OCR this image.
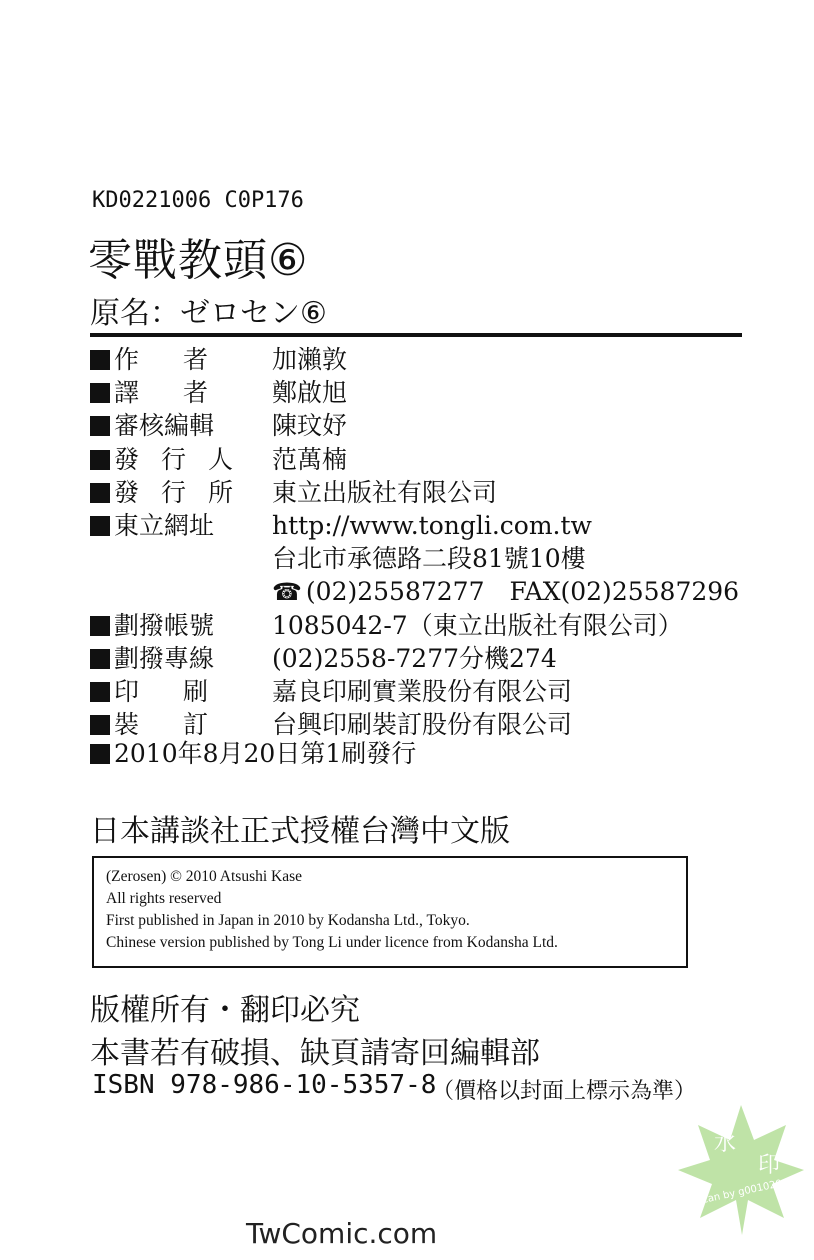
KD0221006 C0P176
零戰教頭⑥
原名：ゼロセン⑥
作者 加瀨敦
譯者 鄭啟旭
審核編輯 陳玟妤
發行人 范萬楠
發行所 東立出版社有限公司
東立網址 http://www.tongli.com.tw
台北市承德路二段81號10樓
☎ (02)25587277　FAX(02)25587296
劃撥帳號 1085042-7（東立出版社有限公司）
劃撥專線 (02)2558-7277分機274
印刷 嘉良印刷實業股份有限公司
裝訂 台興印刷裝訂股份有限公司
2010年8月20日第1刷發行
日本講談社正式授權台灣中文版
(Zerosen) © 2010 Atsushi Kase
All rights reserved
First published in Japan in 2010 by Kodansha Ltd., Tokyo.
Chinese version published by Tong Li under licence from Kodansha Ltd.
版權所有・翻印必究
本書若有破損、缺頁請寄回編輯部
ISBN 978-986-10-5357-8
（價格以封面上標示為準）
水
印
Scan by g001020
TwComic.com
